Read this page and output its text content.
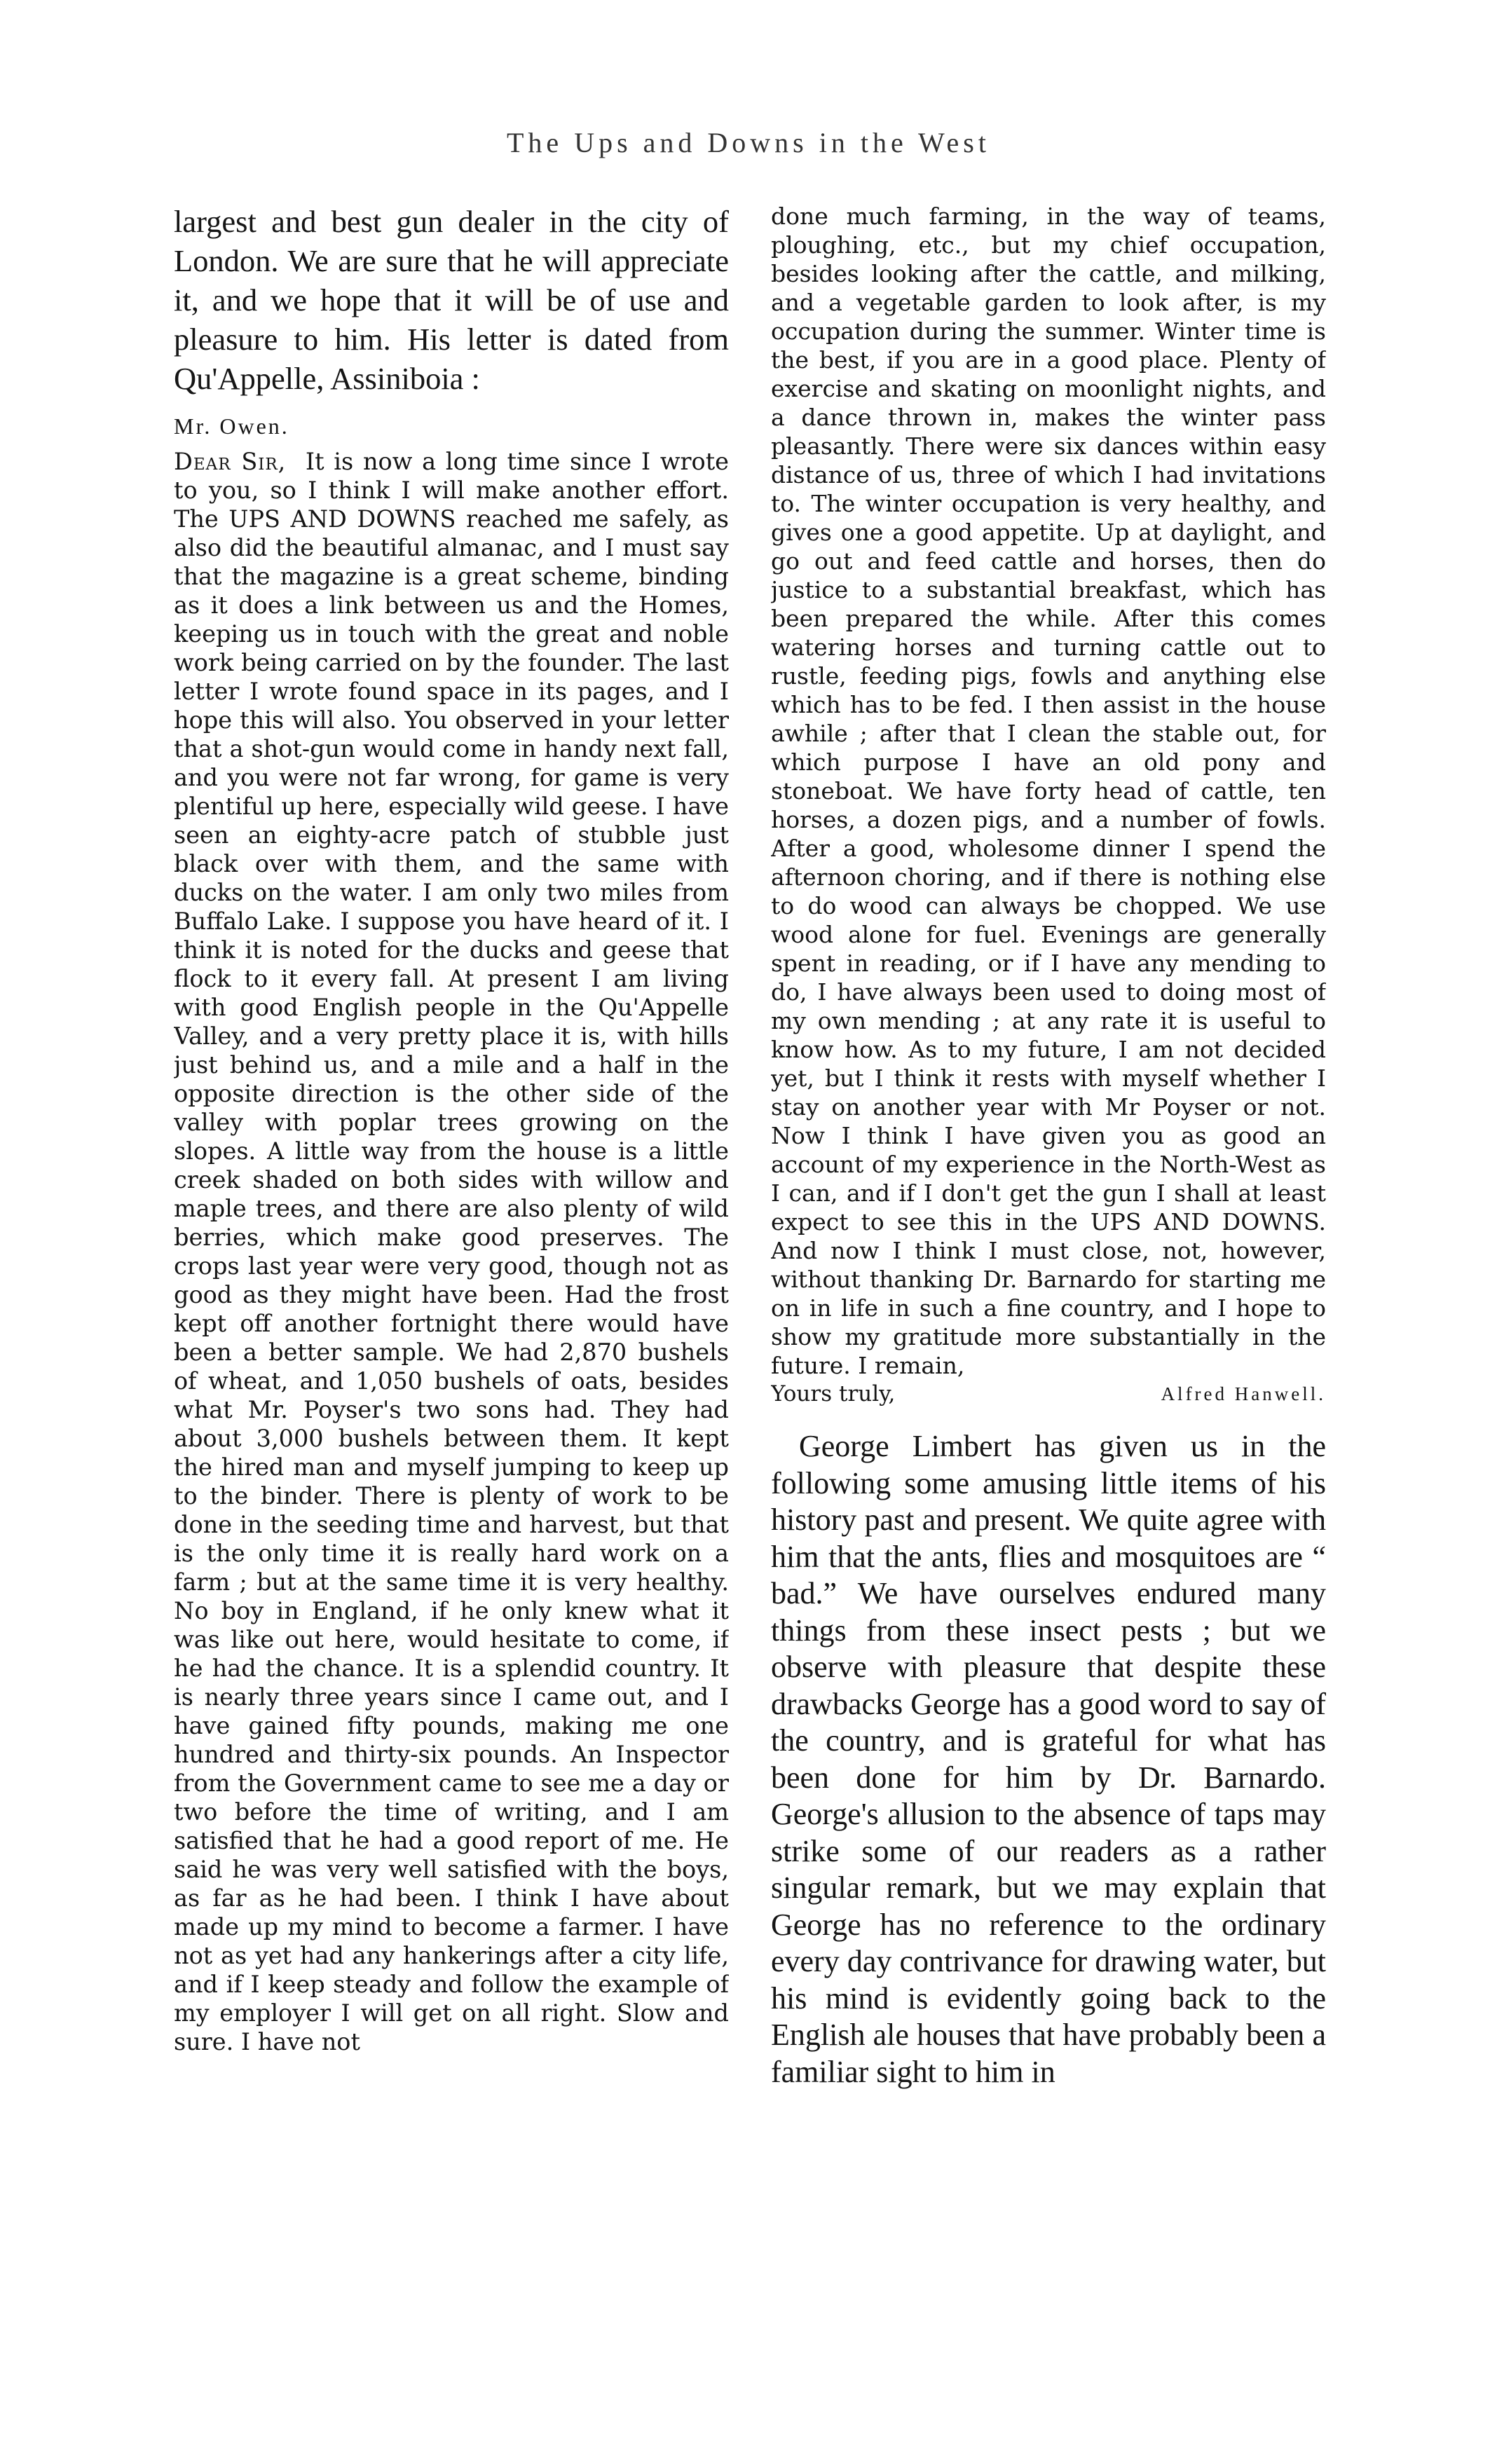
The Ups and Downs in the West

largest and best gun dealer in the city of London. We are sure that he will appreciate it, and we hope that it will be of use and pleasure to him. His letter is dated from Qu'Appelle, Assiniboia :

Mr. Owen.

Dear Sir, It is now a long time since I wrote to you, so I think I will make another effort. The UPS AND DOWNS reached me safely, as also did the beautiful almanac, and I must say that the magazine is a great scheme, binding as it does a link between us and the Homes, keeping us in touch with the great and noble work being carried on by the founder. The last letter I wrote found space in its pages, and I hope this will also. You observed in your letter that a shot-gun would come in handy next fall, and you were not far wrong, for game is very plentiful up here, especially wild geese. I have seen an eighty-acre patch of stubble just black over with them, and the same with ducks on the water. I am only two miles from Buffalo Lake. I suppose you have heard of it. I think it is noted for the ducks and geese that flock to it every fall. At present I am living with good English people in the Qu'Appelle Valley, and a very pretty place it is, with hills just behind us, and a mile and a half in the opposite direction is the other side of the valley with poplar trees growing on the slopes. A little way from the house is a little creek shaded on both sides with willow and maple trees, and there are also plenty of wild berries, which make good preserves. The crops last year were very good, though not as good as they might have been. Had the frost kept off another fortnight there would have been a better sample. We had 2,870 bushels of wheat, and 1,050 bushels of oats, besides what Mr. Poyser's two sons had. They had about 3,000 bushels between them. It kept the hired man and myself jumping to keep up to the binder. There is plenty of work to be done in the seeding time and harvest, but that is the only time it is really hard work on a farm ; but at the same time it is very healthy. No boy in England, if he only knew what it was like out here, would hesitate to come, if he had the chance. It is a splendid country. It is nearly three years since I came out, and I have gained fifty pounds, making me one hundred and thirty-six pounds. An Inspector from the Government came to see me a day or two before the time of writing, and I am satisfied that he had a good report of me. He said he was very well satisfied with the boys, as far as he had been. I think I have about made up my mind to become a farmer. I have not as yet had any hankerings after a city life, and if I keep steady and follow the example of my employer I will get on all right. Slow and sure. I have not

done much farming, in the way of teams, ploughing, etc., but my chief occupation, besides looking after the cattle, and milking, and a vegetable garden to look after, is my occupation during the summer. Winter time is the best, if you are in a good place. Plenty of exercise and skating on moonlight nights, and a dance thrown in, makes the winter pass pleasantly. There were six dances within easy distance of us, three of which I had invitations to. The winter occupation is very healthy, and gives one a good appetite. Up at daylight, and go out and feed cattle and horses, then do justice to a substantial breakfast, which has been prepared the while. After this comes watering horses and turning cattle out to rustle, feeding pigs, fowls and anything else which has to be fed. I then assist in the house awhile ; after that I clean the stable out, for which purpose I have an old pony and stoneboat. We have forty head of cattle, ten horses, a dozen pigs, and a number of fowls. After a good, wholesome dinner I spend the afternoon choring, and if there is nothing else to do wood can always be chopped. We use wood alone for fuel. Evenings are generally spent in reading, or if I have any mending to do, I have always been used to doing most of my own mending ; at any rate it is useful to know how. As to my future, I am not decided yet, but I think it rests with myself whether I stay on another year with Mr Poyser or not. Now I think I have given you as good an account of my experience in the North-West as I can, and if I don't get the gun I shall at least expect to see this in the UPS AND DOWNS. And now I think I must close, not, however, without thanking Dr. Barnardo for starting me on in life in such a fine country, and I hope to show my gratitude more substantially in the future. I remain,

Yours truly,	Alfred Hanwell.

George Limbert has given us in the following some amusing little items of his history past and present. We quite agree with him that the ants, flies and mosquitoes are “ bad.” We have ourselves endured many things from these insect pests ; but we observe with pleasure that despite these drawbacks George has a good word to say of the country, and is grateful for what has been done for him by Dr. Barnardo. George's allusion to the absence of taps may strike some of our readers as a rather singular remark, but we may explain that George has no reference to the ordinary every day contrivance for drawing water, but his mind is evidently going back to the English ale houses that have probably been a familiar sight to him in
